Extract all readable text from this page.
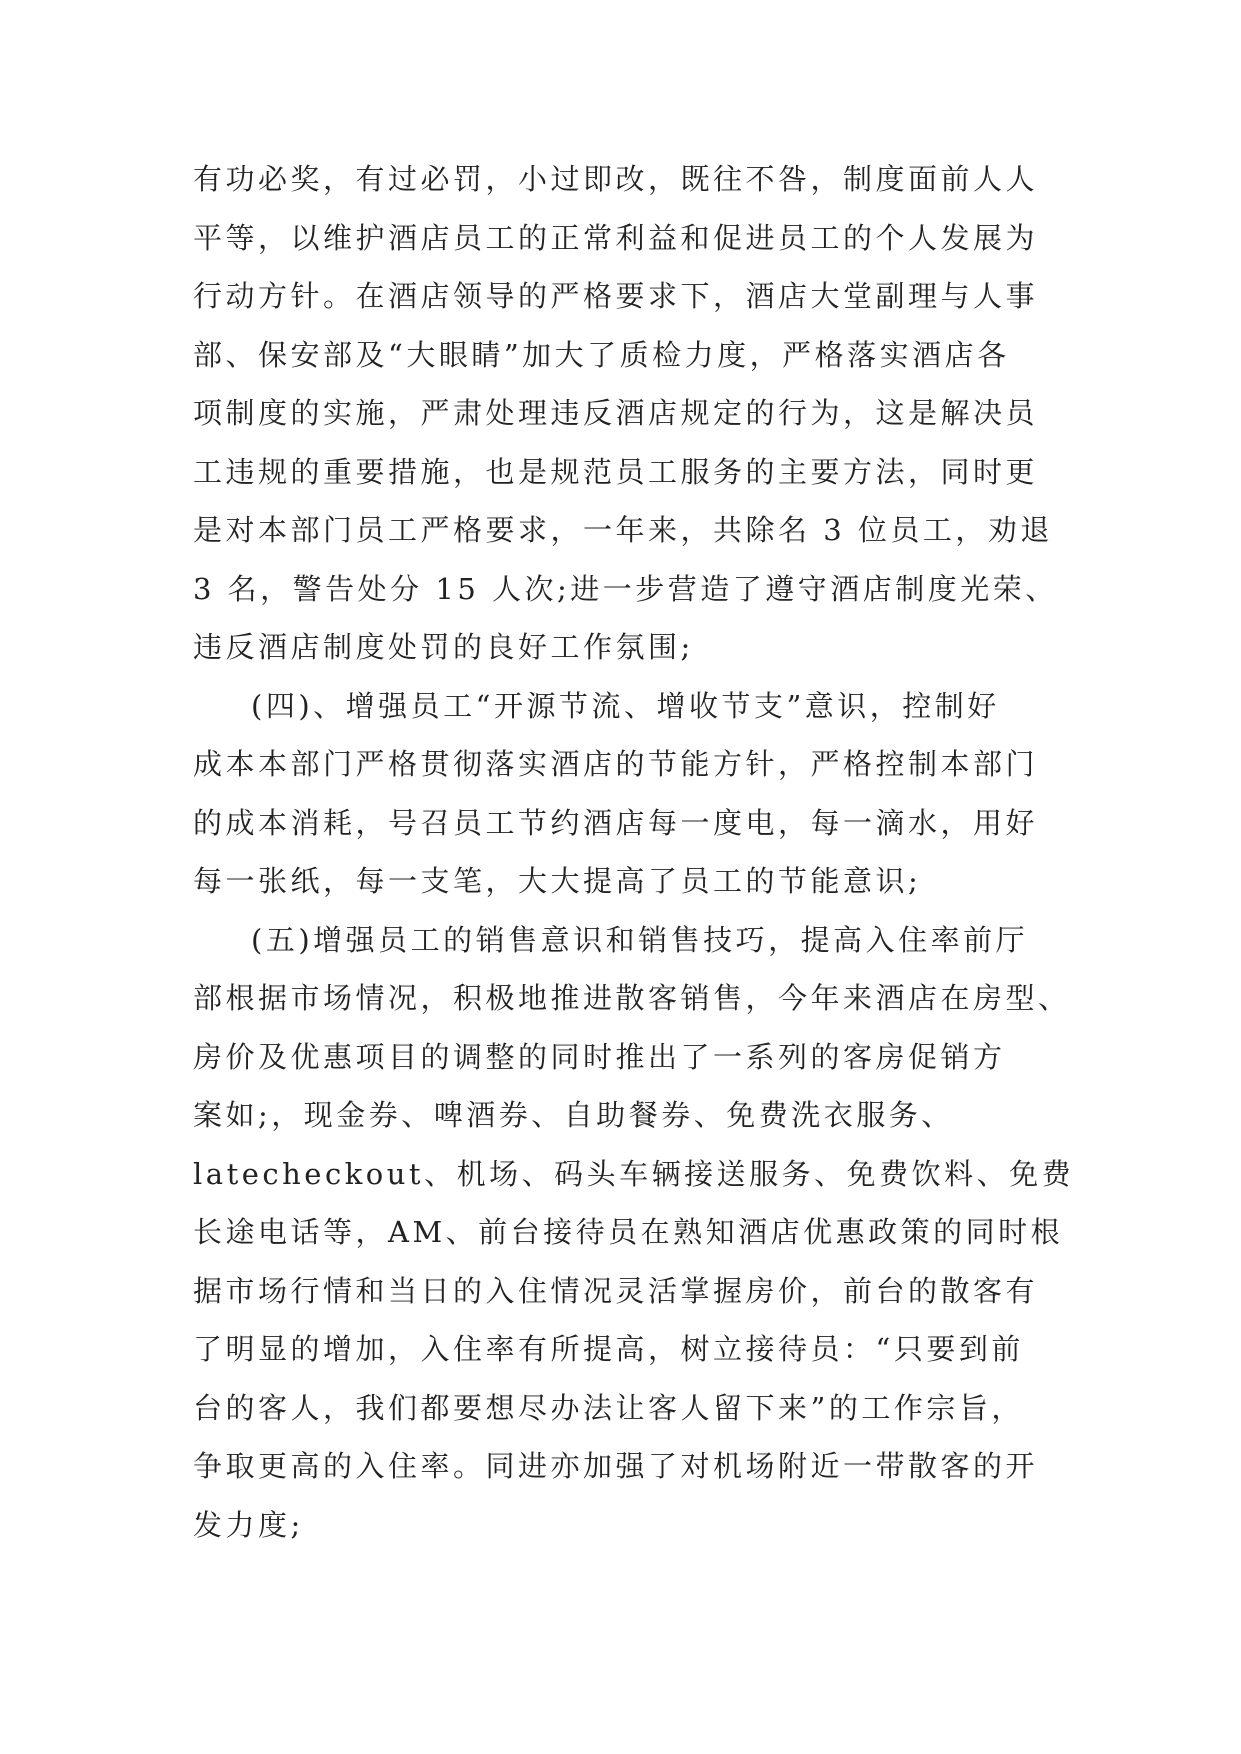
有功必奖，有过必罚，小过即改，既往不咎，制度面前人人
平等，以维护酒店员工的正常利益和促进员工的个人发展为
行动方针。在酒店领导的严格要求下，酒店大堂副理与人事
部、保安部及“大眼睛”加大了质检力度，严格落实酒店各
项制度的实施，严肃处理违反酒店规定的行为，这是解决员
工违规的重要措施，也是规范员工服务的主要方法，同时更
是对本部门员工严格要求，一年来，共除名 3 位员工，劝退
3 名，警告处分 15 人次;进一步营造了遵守酒店制度光荣、
违反酒店制度处罚的良好工作氛围;
(四)、增强员工“开源节流、增收节支”意识，控制好
成本本部门严格贯彻落实酒店的节能方针，严格控制本部门
的成本消耗，号召员工节约酒店每一度电，每一滴水，用好
每一张纸，每一支笔，大大提高了员工的节能意识;
(五)增强员工的销售意识和销售技巧，提高入住率前厅
部根据市场情况，积极地推进散客销售，今年来酒店在房型、
房价及优惠项目的调整的同时推出了一系列的客房促销方
案如;，现金券、啤酒券、自助餐券、免费洗衣服务、
latecheckout、机场、码头车辆接送服务、免费饮料、免费
长途电话等，AM、前台接待员在熟知酒店优惠政策的同时根
据市场行情和当日的入住情况灵活掌握房价，前台的散客有
了明显的增加，入住率有所提高，树立接待员：“只要到前
台的客人，我们都要想尽办法让客人留下来”的工作宗旨，
争取更高的入住率。同进亦加强了对机场附近一带散客的开
发力度;
